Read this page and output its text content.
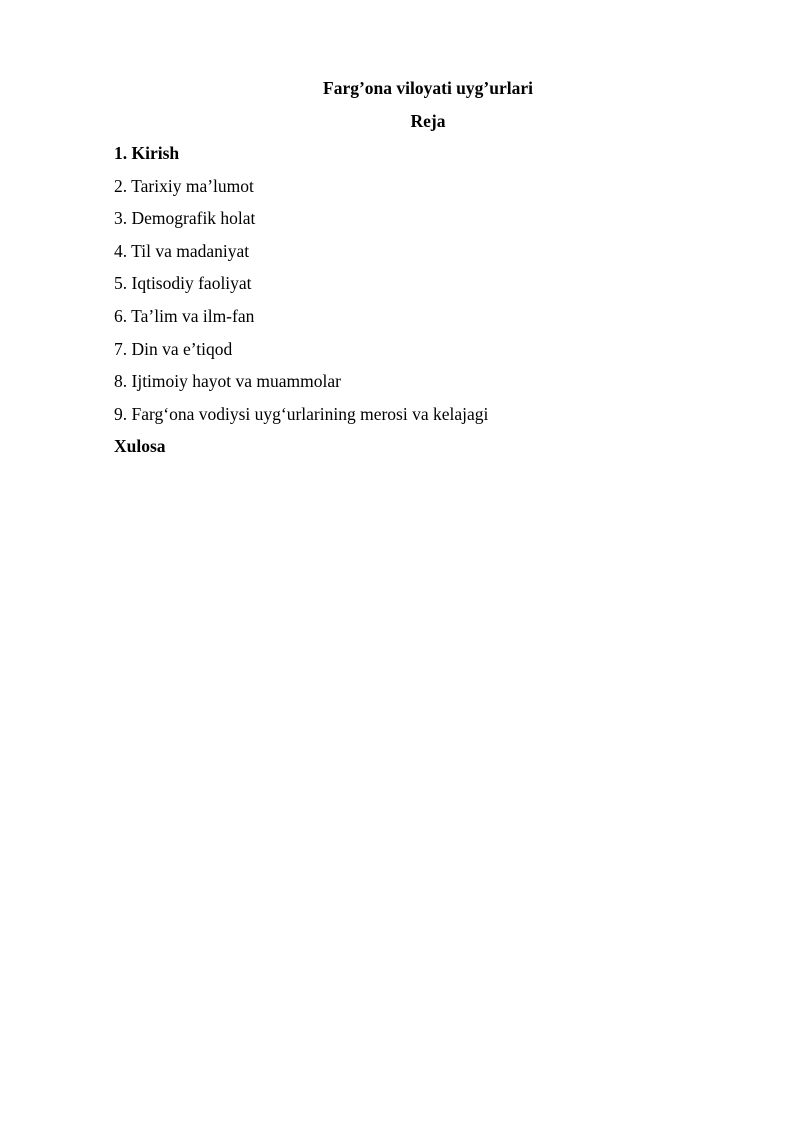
Farg’ona viloyati uyg’urlari
Reja
1. Kirish
2. Tarixiy ma’lumot
3. Demografik holat
4. Til va madaniyat
5. Iqtisodiy faoliyat
6. Ta’lim va ilm-fan
7. Din va e’tiqod
8. Ijtimoiy hayot va muammolar
9. Farg‘ona vodiysi uyg‘urlarining merosi va kelajagi
Xulosa
